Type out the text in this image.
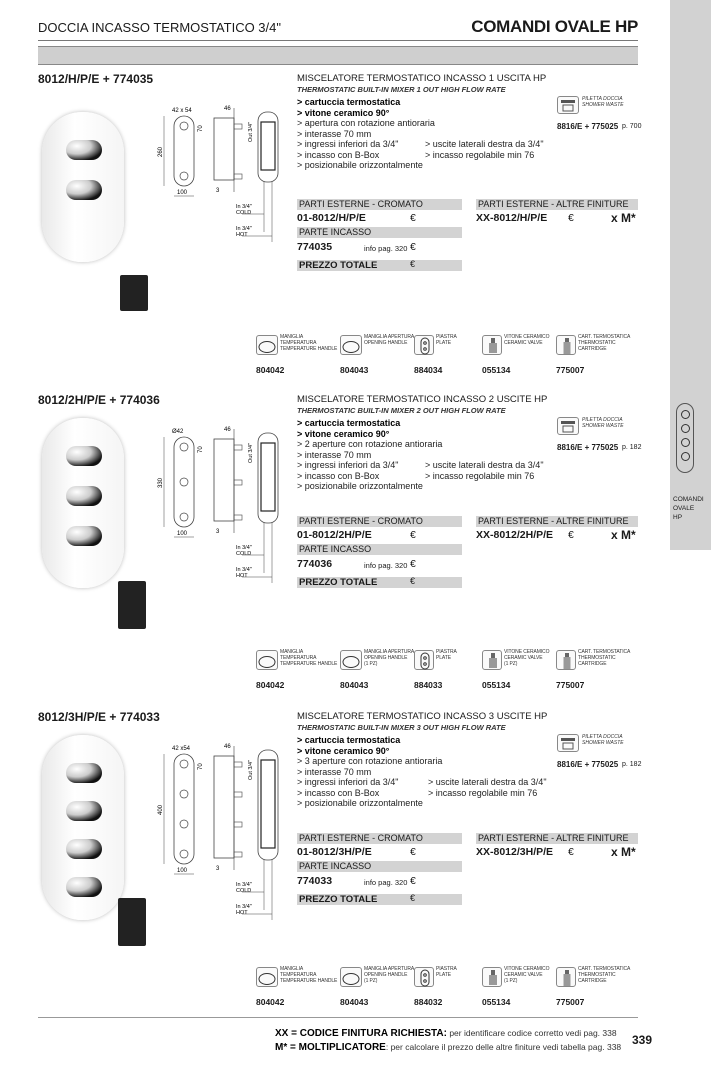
DOCCIA INCASSO TERMOSTATICO 3/4"	COMANDI OVALE HP
COMANDI
OVALE
HP
8012/H/P/E + 774035	MISCELATORE TERMOSTATICO INCASSO 1 USCITA HP
THERMOSTATIC BUILT-IN MIXER 1 OUT HIGH FLOW RATE
> cartuccia termostatica
> vitone ceramico 90°
> apertura con rotazione antioraria
> interasse 70 mm
> ingressi inferiori da 3/4"	> uscite laterali destra da 3/4"
> incasso con B-Box	> incasso regolabile min 76
> posizionabile orizzontalmente
PILETTA DOCCIA
SHOWER WASTE
8816/E + 775025 p. 700
PARTI ESTERNE - CROMATO
01-8012/H/P/E	€
PARTE INCASSO
774035	info pag. 320 €
PREZZO TOTALE	€
PARTI ESTERNE - ALTRE FINITURE
XX-8012/H/P/E €	x M*
42 x 54	46
260
70
100	3
Out 3/4"
In 3/4" COLD
In 3/4" HOT
MANIGLIA
TEMPERATURA
TEMPERATURE HANDLE
804042
MANIGLIA APERTURA
OPENING HANDLE
804043
PIASTRA
PLATE
884034
VITONE CERAMICO
CERAMIC VALVE
055134
CART. TERMOSTATICA
THERMOSTATIC
CARTRIDGE
775007
8012/2H/P/E + 774036	MISCELATORE TERMOSTATICO INCASSO 2 USCITE HP
THERMOSTATIC BUILT-IN MIXER 2 OUT HIGH FLOW RATE
> cartuccia termostatica
> vitone ceramico 90°
> 2 aperture con rotazione antioraria
> interasse 70 mm
> ingressi inferiori da 3/4"	> uscite laterali destra da 3/4"
> incasso con B-Box	> incasso regolabile min 76
> posizionabile orizzontalmente
PILETTA DOCCIA
SHOWER WASTE
8816/E + 775025 p. 182
PARTI ESTERNE - CROMATO
01-8012/2H/P/E	€
PARTE INCASSO
774036	info pag. 320 €
PREZZO TOTALE	€
PARTI ESTERNE - ALTRE FINITURE
XX-8012/2H/P/E €	x M*
Ø42	46
330
70
100	3
Out 3/4"
In 3/4" COLD
In 3/4" HOT
MANIGLIA
TEMPERATURA
TEMPERATURE HANDLE
804042
MANIGLIA APERTURA
OPENING HANDLE
(1 PZ)
804043
PIASTRA
PLATE
884033
VITONE CERAMICO
CERAMIC VALVE
(1 PZ)
055134
CART. TERMOSTATICA
THERMOSTATIC
CARTRIDGE
775007
8012/3H/P/E + 774033	MISCELATORE TERMOSTATICO INCASSO 3 USCITE HP
THERMOSTATIC BUILT-IN MIXER 3 OUT HIGH FLOW RATE
> cartuccia termostatica
> vitone ceramico 90°
> 3 aperture con rotazione antioraria
> interasse 70 mm
> ingressi inferiori da 3/4"	> uscite laterali destra da 3/4"
> incasso con B-Box	> incasso regolabile min 76
> posizionabile orizzontalmente
PILETTA DOCCIA
SHOWER WASTE
8816/E + 775025 p. 182
PARTI ESTERNE - CROMATO
01-8012/3H/P/E	€
PARTE INCASSO
774033	info pag. 320 €
PREZZO TOTALE	€
PARTI ESTERNE - ALTRE FINITURE
XX-8012/3H/P/E €	x M*
42 x54	46
400
70
100	3
Out 3/4"
In 3/4" COLD
In 3/4" HOT
MANIGLIA
TEMPERATURA
TEMPERATURE HANDLE
804042
MANIGLIA APERTURA
OPENING HANDLE
(1 PZ)
804043
PIASTRA
PLATE
884032
VITONE CERAMICO
CERAMIC VALVE
(1 PZ)
055134
CART. TERMOSTATICA
THERMOSTATIC
CARTRIDGE
775007
XX = CODICE FINITURA RICHIESTA: per identificare codice corretto vedi pag. 338
M* = MOLTIPLICATORE: per calcolare il prezzo delle altre finiture vedi tabella pag. 338 339
